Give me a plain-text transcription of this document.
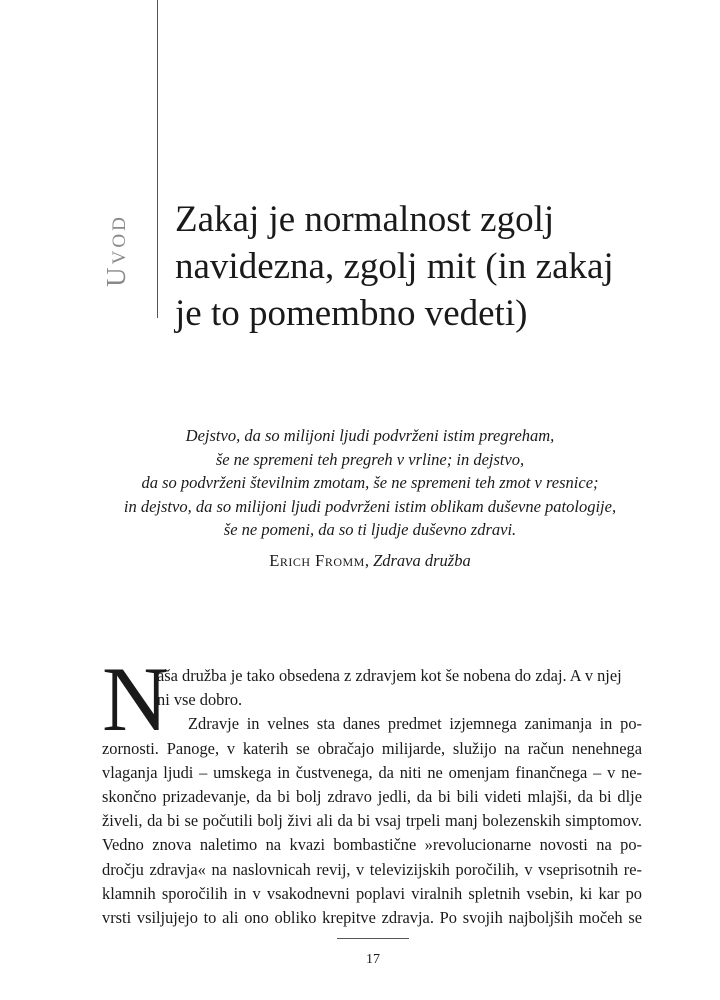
Uvod Zakaj je normalnost zgolj
navidezna, zgolj mit (in zakaj
je to pomembno vedeti)
Dejstvo, da so milijoni ljudi podvrženi istim pregreham,
še ne spremeni teh pregreh v vrline; in dejstvo,
da so podvrženi številnim zmotam, še ne spremeni teh zmot v resnice;
in dejstvo, da so milijoni ljudi podvrženi istim oblikam duševne patologije,
še ne pomeni, da so ti ljudje duševno zdravi.
Erich Fromm, Zdrava družba
N
aša družba je tako obsedena z zdravjem kot še nobena do zdaj. A v njej
ni vse dobro.
Zdravje in velnes sta danes predmet izjemnega zanimanja in po-
zornosti. Panoge, v katerih se obračajo milijarde, služijo na račun nenehnega
vlaganja ljudi – umskega in čustvenega, da niti ne omenjam finančnega – v ne-
skončno prizadevanje, da bi bolj zdravo jedli, da bi bili videti mlajši, da bi dlje
živeli, da bi se počutili bolj živi ali da bi vsaj trpeli manj bolezenskih simptomov.
Vedno znova naletimo na kvazi bombastične »revolucionarne novosti na po-
dročju zdravja« na naslovnicah revij, v televizijskih poročilih, v vseprisotnih re-
klamnih sporočilih in v vsakodnevni poplavi viralnih spletnih vsebin, ki kar po
vrsti vsiljujejo to ali ono obliko krepitve zdravja. Po svojih najboljših močeh se
17
